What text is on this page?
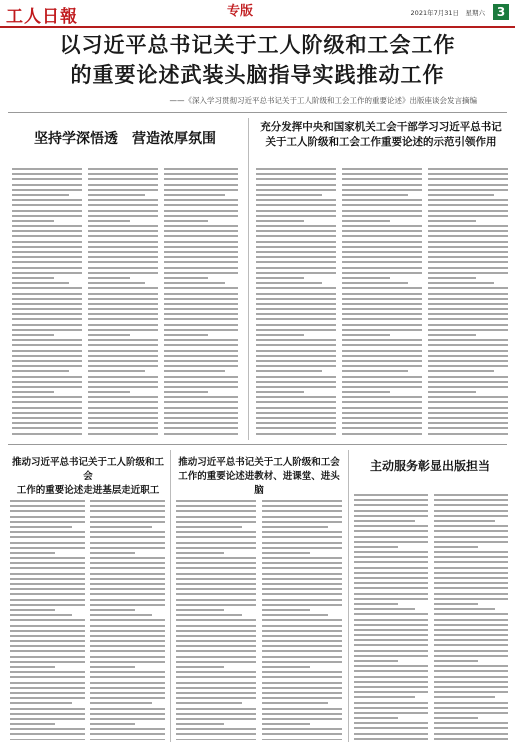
工人日報	专版	2021年7月31日　星期六 3
以习近平总书记关于工人阶级和工会工作
的重要论述武装头脑指导实践推动工作
——《深入学习贯彻习近平总书记关于工人阶级和工会工作的重要论述》出版座谈会发言摘编
坚持学深悟透　营造浓厚氛围
充分发挥中央和国家机关工会干部学习习近平总书记
关于工人阶级和工会工作重要论述的示范引领作用
推动习近平总书记关于工人阶级和工会
工作的重要论述走进基层走近职工
推动习近平总书记关于工人阶级和工会
工作的重要论述进教材、进课堂、进头脑
主动服务彰显出版担当
